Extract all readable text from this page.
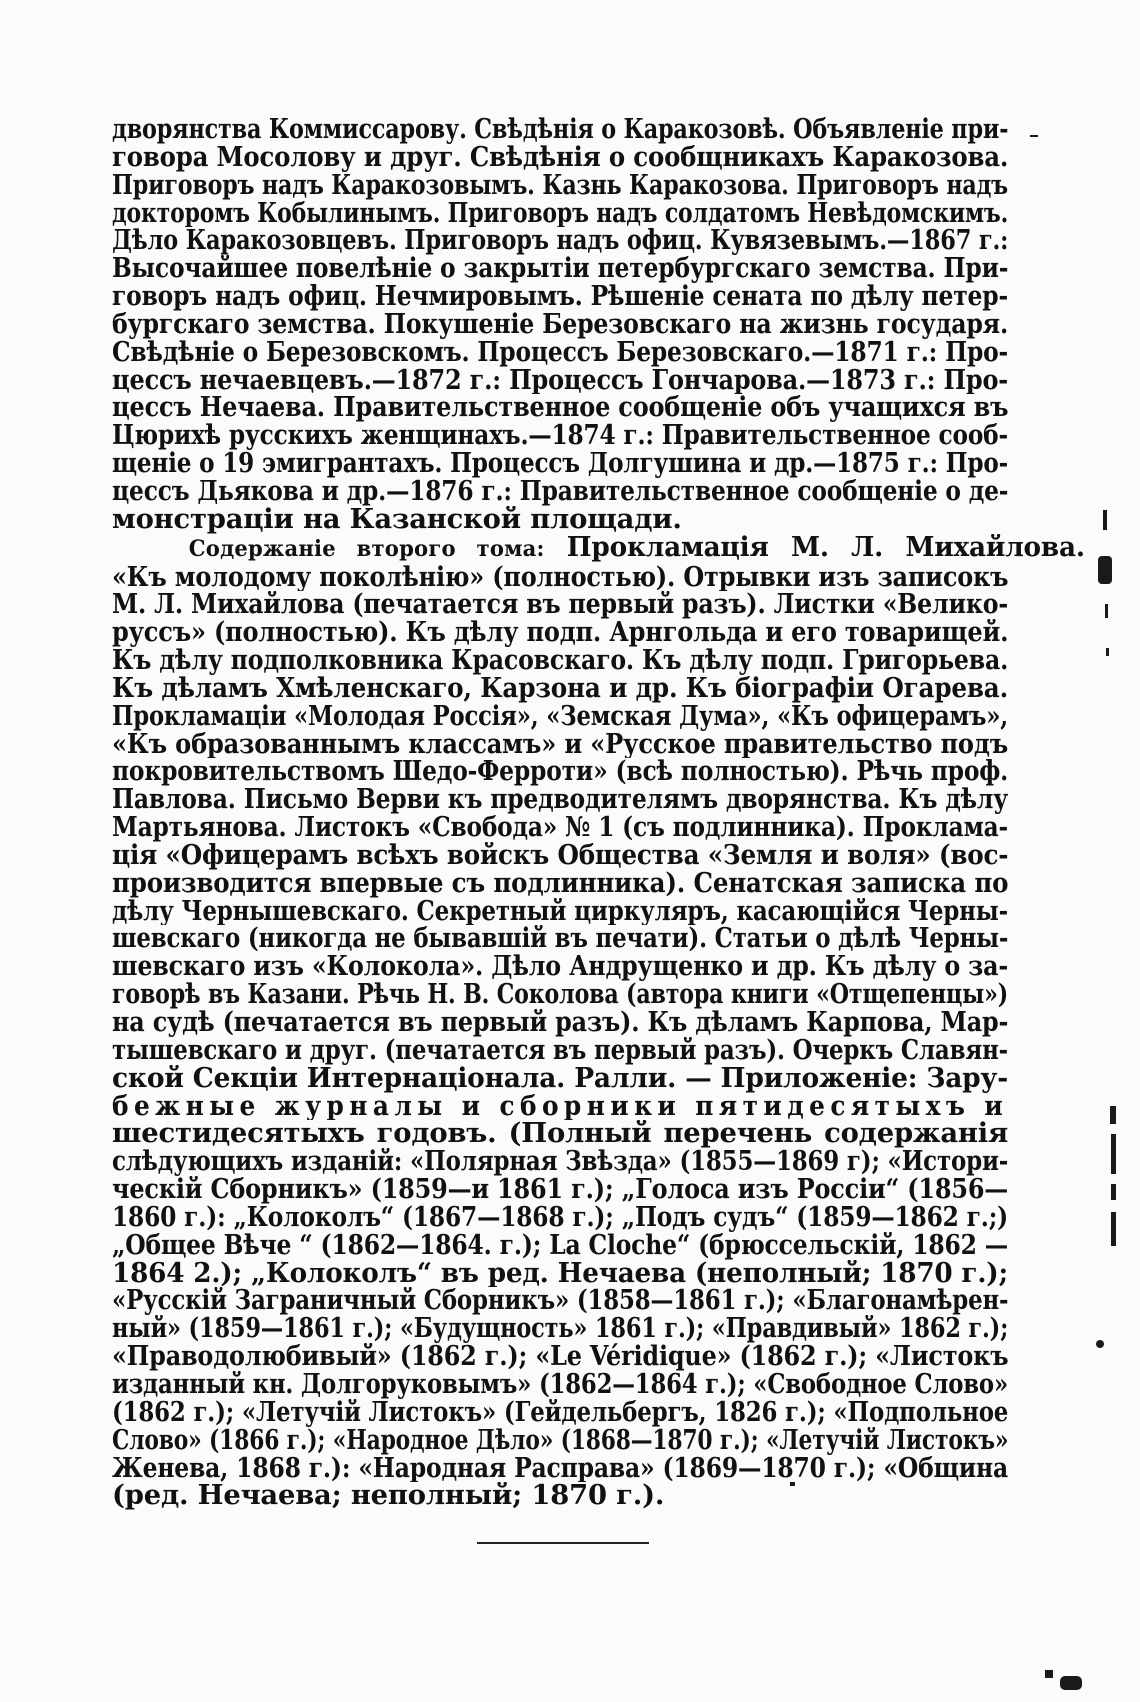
дворянства Коммиссарову. Свѣдѣнія о Каракозовѣ. Объявленіе при-
говора Мосолову и друг. Свѣдѣнія о сообщникахъ Каракозова.
Приговоръ надъ Каракозовымъ. Казнь Каракозова. Приговоръ надъ
докторомъ Кобылинымъ. Приговоръ надъ солдатомъ Невѣдомскимъ.
Дѣло Каракозовцевъ. Приговоръ надъ офиц. Кувязевымъ.—1867 г.:
Высочайшее повелѣніе о закрытіи петербургскаго земства. При-
говоръ надъ офиц. Нечмировымъ. Рѣшеніе сената по дѣлу петер-
бургскаго земства. Покушеніе Березовскаго на жизнь государя.
Свѣдѣніе о Березовскомъ. Процессъ Березовскаго.—1871 г.: Про-
цессъ нечаевцевъ.—1872 г.: Процессъ Гончарова.—1873 г.: Про-
цессъ Нечаева. Правительственное сообщеніе объ учащихся въ
Цюрихѣ русскихъ женщинахъ.—1874 г.: Правительственное сооб-
щеніе о 19 эмигрантахъ. Процессъ Долгушина и др.—1875 г.: Про-
цессъ Дьякова и др.—1876 г.: Правительственное сообщеніе о де-
монстраціи на Казанской площади.
Содержаніе второго тома: Прокламація М. Л. Михайлова.
«Къ молодому поколѣнію» (полностью). Отрывки изъ записокъ
М. Л. Михайлова (печатается въ первый разъ). Листки «Велико-
руссъ» (полностью). Къ дѣлу подп. Арнгольда и его товарищей.
Къ дѣлу подполковника Красовскаго. Къ дѣлу подп. Григорьева.
Къ дѣламъ Хмѣленскаго, Карзона и др. Къ біографіи Огарева.
Прокламаціи «Молодая Россія», «Земская Дума», «Къ офицерамъ»,
«Къ образованнымъ классамъ» и «Русское правительство подъ
покровительствомъ Шедо-Ферроти» (всѣ полностью). Рѣчь проф.
Павлова. Письмо Верви къ предводителямъ дворянства. Къ дѣлу
Мартьянова. Листокъ «Свобода» № 1 (съ подлинника). Проклама-
ція «Офицерамъ всѣхъ войскъ Общества «Земля и воля» (вос-
производится впервые съ подлинника). Сенатская записка по
дѣлу Чернышевскаго. Секретный циркуляръ, касающійся Черны-
шевскаго (никогда не бывавшій въ печати). Статьи о дѣлѣ Черны-
шевскаго изъ «Колокола». Дѣло Андрущенко и др. Къ дѣлу о за-
говорѣ въ Казани. Рѣчь Н. В. Соколова (автора книги «Отщепенцы»)
на судѣ (печатается въ первый разъ). Къ дѣламъ Карпова, Мар-
тышевскаго и друг. (печатается въ первый разъ). Очеркъ Славян-
ской Секціи Интернаціонала. Ралли. — Приложеніе: Зару-
бежные журналы и сборники пятидесятыхъ и
шестидесятыхъ годовъ. (Полный перечень содержанія
слѣдующихъ изданій: «Полярная Звѣзда» (1855—1869 г); «Истори-
ческій Сборникъ» (1859—и 1861 г.); „Голоса изъ Россіи“ (1856—
1860 г.): „Колоколъ“ (1867—1868 г.); „Подъ судъ“ (1859—1862 г.;)
„Общее Вѣче “ (1862—1864. г.); La Cloche“ (брюссельскій, 1862 —
1864 2.); „Колоколъ“ въ ред. Нечаева (неполный; 1870 г.);
«Русскій Заграничный Сборникъ» (1858—1861 г.); «Благонамѣрен-
ный» (1859—1861 г.); «Будущность» 1861 г.); «Правдивый» 1862 г.);
«Праводолюбивый» (1862 г.); «Le Véridique» (1862 г.); «Листокъ
изданный кн. Долгоруковымъ» (1862—1864 г.); «Свободное Слово»
(1862 г.); «Летучій Листокъ» (Гейдельбергъ, 1826 г.); «Подпольное
Слово» (1866 г.); «Народное Дѣло» (1868—1870 г.); «Летучій Листокъ»
Женева, 1868 г.): «Народная Расправа» (1869—1870 г.); «Община
(ред. Нечаева; неполный; 1870 г.).
